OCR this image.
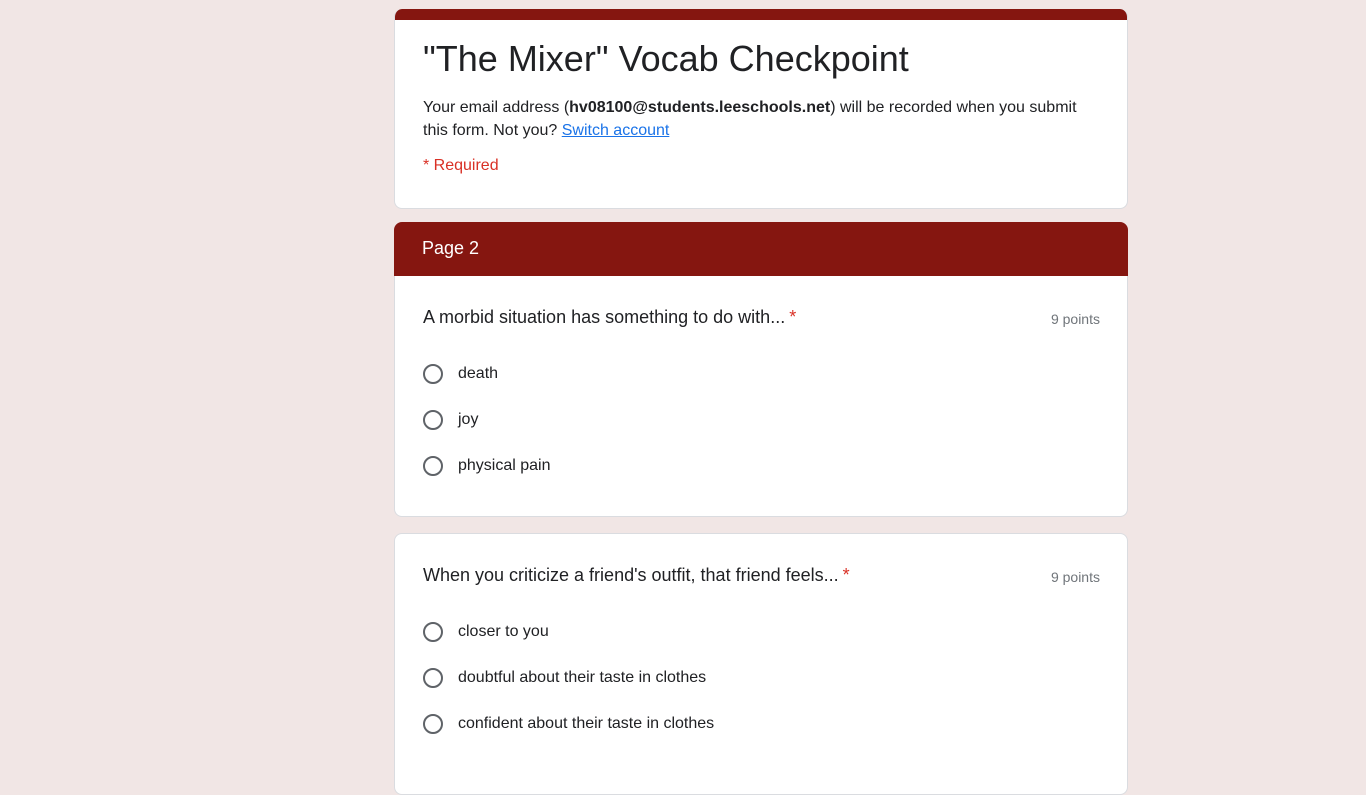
"The Mixer" Vocab Checkpoint
Your email address (hv08100@students.leeschools.net) will be recorded when you submit this form. Not you? Switch account
* Required
Page 2
A morbid situation has something to do with... *	9 points
death
joy
physical pain
When you criticize a friend's outfit, that friend feels... *	9 points
closer to you
doubtful about their taste in clothes
confident about their taste in clothes
